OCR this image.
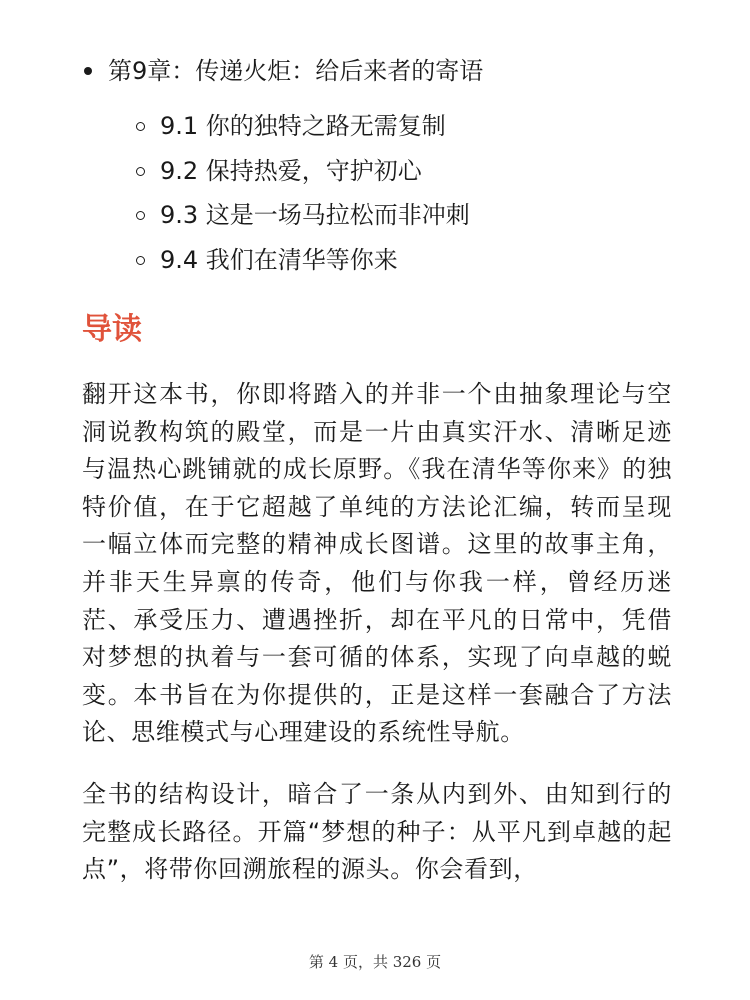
第9章：传递火炬：给后来者的寄语
9.1 你的独特之路无需复制
9.2 保持热爱，守护初心
9.3 这是一场马拉松而非冲刺
9.4 我们在清华等你来
导读

翻开这本书，你即将踏入的并非一个由抽象理论与空洞说教构筑的殿堂，而是一片由真实汗水、清晰足迹与温热心跳铺就的成长原野。《我在清华等你来》的独特价值，在于它超越了单纯的方法论汇编，转而呈现一幅立体而完整的精神成长图谱。这里的故事主角，并非天生异禀的传奇，他们与你我一样，曾经历迷茫、承受压力、遭遇挫折，却在平凡的日常中，凭借对梦想的执着与一套可循的体系，实现了向卓越的蜕变。本书旨在为你提供的，正是这样一套融合了方法论、思维模式与心理建设的系统性导航。

全书的结构设计，暗合了一条从内到外、由知到行的完整成长路径。开篇“梦想的种子：从平凡到卓越的起点”，将带你回溯旅程的源头。你会看到，

第 4 页，共 326 页
